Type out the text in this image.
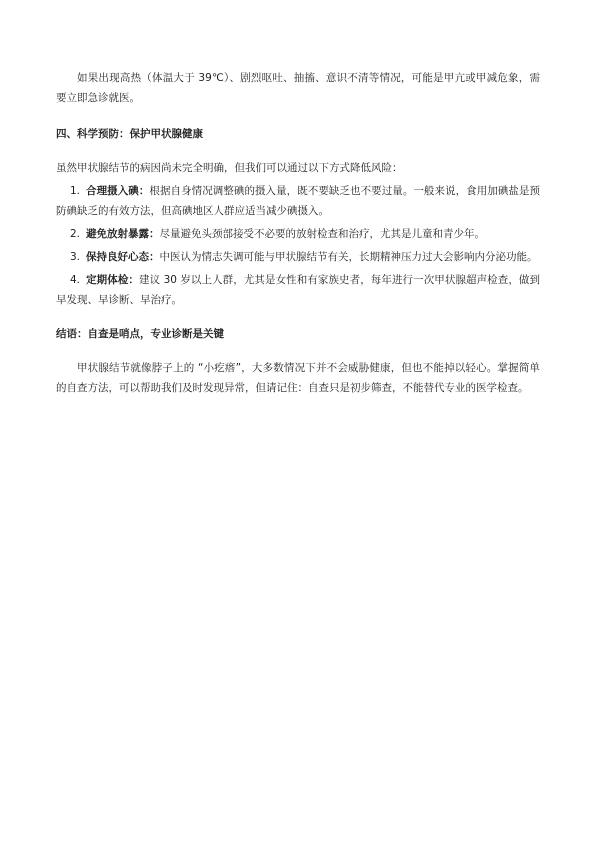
如果出现高热（体温大于 39℃）、剧烈呕吐、抽搐、意识不清等情况，可能是甲亢或甲减危象，需要立即急诊就医。

四、科学预防：保护甲状腺健康

虽然甲状腺结节的病因尚未完全明确，但我们可以通过以下方式降低风险：

1. 合理摄入碘：根据自身情况调整碘的摄入量，既不要缺乏也不要过量。一般来说，食用加碘盐是预防碘缺乏的有效方法，但高碘地区人群应适当减少碘摄入。
2. 避免放射暴露：尽量避免头颈部接受不必要的放射检查和治疗，尤其是儿童和青少年。
3. 保持良好心态：中医认为情志失调可能与甲状腺结节有关，长期精神压力过大会影响内分泌功能。
4. 定期体检：建议 30 岁以上人群，尤其是女性和有家族史者，每年进行一次甲状腺超声检查，做到早发现、早诊断、早治疗。
结语：自查是哨点，专业诊断是关键

甲状腺结节就像脖子上的 “小疙瘩”，大多数情况下并不会威胁健康，但也不能掉以轻心。掌握简单的自查方法，可以帮助我们及时发现异常，但请记住：自查只是初步筛查，不能替代专业的医学检查。
